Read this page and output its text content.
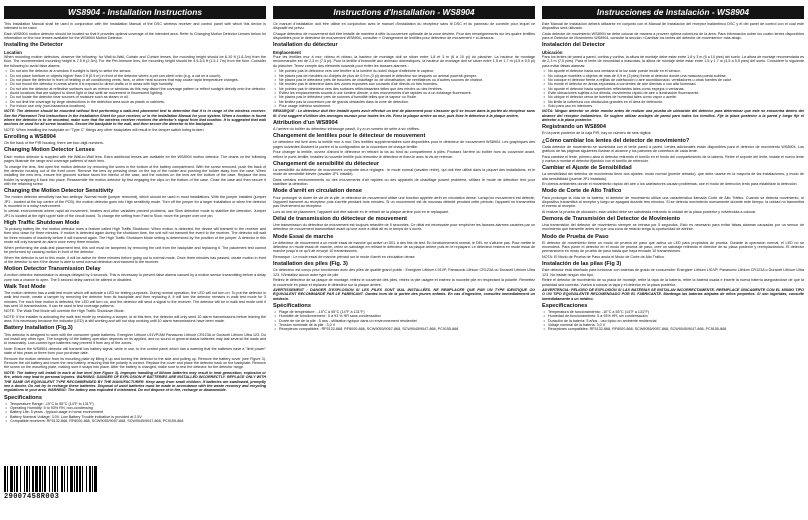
WS8904 - Installation Instructions
This Installation Manual shall be used in conjunction with the Installation Manual of the DSC wireless receiver and control panel with which this device is intended to be used.
Each WS8904 motion detector should be located so that it provides optimal coverage of the intended area. Refer to Changing Motion Detector Lenses below for information on the four lenses available for the WS8904 Motion Detector.
Installing the Detector
Location
When mounting motion detectors, observe the following: for Wall-to-Wall, Curtain and Curtain lenses, the mounting height should be 6-10 ft (1.8-3m) from the floor. The recommended mounting height is 7.5 ft (2.3m). For the Pet-Immune lens, the mounting height should be 4.5-5.5 ft (1.5-1.7m) from the floor. Consider the following to avoid false alarms:
• Do not aim the detector at a window if sunlight is likely to strike the sensor.
• Do not place furniture or objects higher than 3 ft (0.9 m) in front of the detector where a pet can climb onto (e.g. a cat on a couch).
• Do not place the detector in front of heating or air conditioning vents, fans, or other heat sources that may cause rapid temperature changes.
• Do not mount the detector in areas where it is exposed to direct drafts or in areas with high humidity.
• Do not aim the detector at reflective surfaces such as mirrors or windows as this may distort the coverage pattern or reflect sunlight directly onto the detector.
• Avoid locations that are subject to direct light or fast swift air movement or fluorescent lighting.
• Do not locate the detector near sources of moisture such as steam or oil.
• Do not limit the coverage by large obstructions in the detection area such as plants or cabinets.
• For indoor use only (non-hazardous locations).
NOTE: The detector should be mounted without first performing a walk-test placement test to determine that it is in range of the wireless receiver. See the Placement Test instructions in the Installation Sheet for your receiver, or in the Installation Manual for your system. When a location is found where the detector is to be mounted, make sure that the wireless receiver receives the detector's signal from that location. It is suggested that wall anchors be used for all screw locations. Secure the backplate to the wall, and then secure the detector to the backplate.
NOTE: When installing the backplate on "Type C" fixings any other backplates will result in the tamper switch being broken.
Enrolling a WS8904
On the back of the PIR housing, there are four-digit numbers.
Changing Motion Detector Lenses
Each motion detector is supplied with the Wall-to-Wall lens. Extra additional lenses are available for the WS8904 motion detector. The charts on the following pages illustrate the range and coverage patterns of each lens.
To change the lens, first open the motion detector by removing the screw in the bottom of the battery compartment. With the screw removed, push the back of the detector housing out of the front cover. Remove the lens by pressing down on the top of the holder and pushing the holder away from the case. When installing the new lens, ensure the grooved surface faces the interior of the case, and the notches on the lens are the bottom of the case. Replace the lens holder by snapping it back into place. Reassemble the motion detector by first engaging the clips on the bottom of the case. Close the case and then secure it with the retaining screw.
Changing the Motion Detector Sensitivity
The motion detector sensitivity has two settings: Normal mode (jumper removed), which should be used in most installations. With the jumper installed (jumper JP1 - located at the top centre of the PCB), the motion detector goes into High sensitivity mode. Turn off the jumper for a larger installation or when the detector is mounted in a noisy environment.
In certain environments where rapid air movement, heaters and other variables prevent problems, use Slow detection mode to stabilize the detection. Jumper JP1 is located at the right upper side of the circuit board. To change the setting from Fast to Slow, move the jumper over one pin.
High Traffic Shutdown Mode
To prolong battery life, the motion detector uses a feature called High Traffic Shutdown. When motion is detected, the device will transmit to the receiver and then shut down for three minutes. If motion is detected again during the shutdown time, the unit will not transmit the event to the receiver. The detector will wait for three minutes of inactivity before it will transmit again. The High Traffic Shutdown Mode setting is determined by the position of the jumper. A detector in this mode will only transmit an alarm once every three minutes.
When performing the walk-test placement test, this unit must be tampered by removing the unit from the backplate and replacing it. The placement test cannot be performed by causing motion in front of the detector.
When the detector is set to this mode, it will be active for three minutes before going out to normal mode. Once three minutes has passed, create motion in front of the detector to see if the device is able to send normal detection and transmit to the receiver.
Motion Detector Transmission Delay
A motion detector transmission is always delayed by 5 seconds. This is necessary to prevent false alarms caused by a motion sensor transmitting before a delay zone has a chance to open. The 5 second delay cannot be altered or disabled.
Walk Test Mode
The motion detector has a walk test mode which will activate a LED for testing purposes. During normal operation, the LED will not turn on. To put the detector in walk test mode, create a tamper by removing the detector from its backplate and then replacing it. It will turn the detector remains in walk test mode for 3 minutes. For each time motion is detected, the LED will turn on, and the detector will send a signal to the receiver. The detector will be in walk test mode until it has sent 10 transmissions. It can be used to test coverage patterns.
NOTE: The Walk Test Mode will override the High Traffic Shutdown Mode.
NOTE: If the installer is activating the walk test mode by restoring a tamper, or at this time, the detector will only send 10 alarm transmissions before leaving the area. It is necessary because the indicator (LED) is still working and will not stop working until 10 alarm transmissions have been made.
Battery Installation (Fig.3)
This detector is designed to work with the consumer grade batteries. Energizer Lithium L91VP/AM Panasonic Lithium CR123A or Duracell Lithium Ultra 123. Do not install any other type. The longevity of the battery operation depends on its applied, and no sound or general status batteries may last several the loads and to reasonably. Low-current type batteries may prevent it from any of the zones.
Note: Ensure the WS8904 detector will transmit low battery signal, while in use, to the control panel which has a warning that the batteries have a "limit power" state of two years or three from your purchase date.
Remove the motion detector from its mounting plate by lifting it up and turning the detector to the side and pulling up. Remove the battery cover (see Figure 3). Remove the old battery and insert the new battery, ensuring that the polarity is correct. Replace the cover and place the detector back on the backplate. Remove the screw on the mounting plate, making sure it snaps into place. After the battery is changed, make sure to test the detector for the detector range.
NOTE: The battery will install to work at low level (see Figure 3). Improper handling of lithium batteries may result in heat generation, explosion or fire, which may lead to personal injuries. WARNING: DANGER OF EXPLOSION IF BATTERIES ARE INSTALLED INCORRECTLY. REPLACE ONLY WITH THE SAME OR EQUIVALENT TYPE RECOMMENDED BY THE MANUFACTURER. Keep away from small children. If batteries are swallowed, promptly see a doctor. Do not try to recharge these batteries. Disposal of used batteries must be made in accordance with the waste recovery and recycling regulations in your area. WARNING: The battery was exploded if mistreated. Do not dispose of in fire, recharge or disassemble.
Specifications
• Temperature Range: -10°C to 55°C (14°F to 131°F)
• Operating Humidity: 5 to 93% RH, non-condensing
• Battery Life: 5 years - typical usage in home environment
• Battery Nominal Voltage: 3.0V. Low Battery Trouble indication is provided at 2.5V
• Compatible receivers: RF5132-868, RF8000-868, SCW9055/9057-868, SCW9045/9047-868, PC9155-868
Instructions d'Installation - WS8904
Ce manuel d'installation doit être utilisé en conjonction avec le manuel d'installation du récepteur sans fil DSC et du panneau de contrôle pour lequel ce dispositif est prévu.
Chaque détecteur de mouvement doit être installé de manière à offrir la couverture optimale de la zone désirée. Pour des renseignements sur les quatre lentilles disponibles pour le détecteur de mouvement WS8904, consulter « Changement de lentilles pour détecteur de mouvement » ci-dessous.
Installation du détecteur
Emplacement
Pour les lentilles mur à mur, rideau et rideau, la hauteur de montage doit se situer entre 1,8 et 3 m (6 à 10 pi) du plancher. La hauteur de montage recommandée est de 2,3 m (7,5 pi). Pour la lentille d'immunité aux animaux domestiques, la hauteur de montage doit se situer entre 1,5 et 1,7 m (4,5 à 5,5 pi) du plancher. Tenez compte des éléments suivants pour éviter les fausses alarmes :
• Ne pointez pas le détecteur vers une fenêtre si la lumière du soleil risque d'atteindre le capteur.
• Ne placez pas de meubles ou d'objets de plus de 0,9 m (3 pi) devant le détecteur sur lesquels un animal pourrait grimper.
• Ne placez pas le détecteur près de bouches de chauffage ou de climatisation, de ventilateurs ou d'autres sources de chaleur.
• Ne montez pas le détecteur dans des zones exposées aux courants d'air directs ou très humides.
• Ne pointez pas le détecteur vers des surfaces réfléchissantes telles que des miroirs ou des fenêtres.
• Évitez les emplacements soumis à une lumière directe, à des mouvements d'air rapides ou à un éclairage fluorescent.
• Ne placez pas le détecteur près de sources d'humidité telles que la vapeur ou l'huile.
• Ne limitez pas la couverture par de grands obstacles dans la zone de détection.
• Pour usage intérieur seulement.
REMARQUE : Le détecteur doit être installé après avoir effectué un test de placement pour s'assurer qu'il se trouve dans la portée du récepteur sans fil. Il est suggéré d'utiliser des ancrages muraux pour toutes les vis. Fixez la plaque arrière au mur, puis fixez le détecteur à la plaque arrière.
Attribution d'un WS8904
À l'arrière du boîtier du détecteur infrarouge passif, il y a un numéro de série à six chiffres.
Changement de lentilles pour le détecteur de mouvement
Le détecteur est livré avec la lentille mur à mur. Des lentilles supplémentaires sont disponibles pour le détecteur de mouvement WS8904. Les graphiques des pages suivantes illustrent la portée et la configuration de la couverture de chaque lentille.
Pour changer la lentille, ouvrez d'abord le détecteur en retirant la vis au fond du compartiment à piles. Poussez l'arrière du boîtier hors du couvercle avant, retirez le porte-lentille, installez la nouvelle lentille puis remontez le détecteur et fixez-le avec la vis de retenue.
Changement de sensibilité du détecteur
La sensibilité du détecteur de mouvement comporte deux réglages : le mode normal (cavalier retiré), qui doit être utilisé dans la plupart des installations, et le mode de sensibilité élevée (cavalier JP1 installé).
Dans certains environnements où des mouvements d'air rapides ou des appareils de chauffage posent problème, utilisez le mode de détection lent pour stabiliser la détection.
Mode d'arrêt en circulation dense
Pour prolonger la durée de vie de la pile, le détecteur de mouvement utilise une fonction appelée arrêt en circulation dense. Lorsqu'un mouvement est détecté, l'appareil transmet au récepteur puis s'arrête pendant trois minutes. Si un mouvement est de nouveau détecté pendant cette période, l'appareil ne transmettra pas l'événement au récepteur.
Lors du test de placement, l'appareil doit être saboté en le retirant de la plaque arrière puis en le replaquant.
Délai de transmission du détecteur de mouvement
Une transmission du détecteur de mouvement est toujours retardée de 5 secondes. Ce délai est nécessaire pour empêcher les fausses alarmes causées par un détecteur de mouvement transmettant avant qu'une zone à délai ait eu le temps de s'ouvrir.
Mode Essai de marche
Le détecteur de mouvement a un mode essai de marche qui active un DEL à des fins de test. En fonctionnement normal, le DEL ne s'allume pas. Pour mettre le détecteur en mode essai de marche, créez un sabotage en retirant le détecteur de sa plaque arrière puis en le replaçant. Le détecteur restera en mode essai de marche jusqu'à ce qu'il ait envoyé 10 transmissions.
Remarque : Le mode essai de marche prévaut sur le mode d'arrêt en circulation dense.
Installation des piles (Fig. 3)
Ce détecteur est conçu pour fonctionner avec des piles de qualité grand public : Energizer Lithium L91VP, Panasonic Lithium CR123A ou Duracell Lithium Ultra 123. N'installez aucun autre type de pile.
Retirez le détecteur de sa plaque de montage, retirez le couvercle des piles, retirez la pile usagée et insérez la nouvelle pile en respectant la polarité. Remettez le couvercle en place et replacez le détecteur sur la plaque arrière.
AVERTISSEMENT : DANGER D'EXPLOSION SI LES PILES SONT MAL INSTALLÉES. NE REMPLACER QUE PAR UN TYPE IDENTIQUE OU ÉQUIVALENT RECOMMANDÉ PAR LE FABRICANT. Gardez hors de la portée des jeunes enfants. En cas d'ingestion, consultez immédiatement un médecin.
Spécifications
• Plage de température : -10°C à 55°C (14°F à 131°F)
• Humidité de fonctionnement : 5 à 93 % HR sans condensation
• Durée de vie de la pile : 5 ans - utilisation typique dans un environnement résidentiel
• Tension nominale de la pile : 3,0 V
• Récepteurs compatibles : RF5132-868, RF8000-868, SCW9055/9057-868, SCW9045/9047-868, PC9155-868
Instrucciones de Instalación - WS8904
Este Manual de Instalación deberá utilizarse en conjunto con el Manual de Instalación del receptor inalámbrico DSC y el del panel de control con el cual este dispositivo será utilizado.
Cada detector de movimiento WS8904 se debe colocar de manera a proveer óptima cobertura de la área. Para información sobre los cuatro lentes disponibles para el Detector de Movimiento WS8904, consulte la sección «Cambiar los lentes del detector de movimiento» más abajo.
Instalación del Detector
Ubicación
Para los lentes de pared a pared, cortina y cortina, la altura de montaje debe estar entre 1,8 y 3 m (6 a 10 pies) del suelo. La altura de montaje recomendada es de 2,3 m (7,5 pies). Para el lente de inmunidad a mascotas, la altura de montaje debe estar entre 1,5 y 1,7 m (4,5 a 5,5 pies) del suelo. Considere lo siguiente para evitar falsas alarmas:
• No apunte el detector hacia una ventana si la luz solar puede incidir en el sensor.
• No coloque muebles u objetos de más de 0,9 m (3 pies) frente al detector donde una mascota pueda subirse.
• No coloque el detector frente a rejillas de calefacción o aire acondicionado, ventiladores u otras fuentes de calor.
• No monte el detector en áreas expuestas a corrientes de aire directas o con alta humedad.
• No apunte el detector hacia superficies reflectantes tales como espejos o ventanas.
• Evite ubicaciones sujetas a luz directa, movimiento rápido de aire o iluminación fluorescente.
• No ubique el detector cerca de fuentes de humedad tales como vapor o aceite.
• No limite la cobertura con obstáculos grandes en el área de detección.
• Solo para uso en interiores.
NOTA: Ningun detector se debe montar antes de realizar una prueba de ubicación del detector para determinar que este se encuentra dentro del alcance del receptor inalámbrico. Se sugiere utilizar anclajes de pared para todos los tornillos. Fije la placa posterior a la pared y luego fije el detector a la placa posterior.
Registrando un WS8904
En la parte posterior de la caja PIR, hay un número de seis dígitos.
¿Cómo cambiar los lentes del detector de movimiento?
Cada detector de movimiento se suministra con el lente pared a pared. Lentes adicionales están disponibles para el detector de movimiento WS8904. Los gráficos de las páginas siguientes ilustran el alcance y los patrones de cobertura de cada lente.
Para cambiar el lente, primero abra el detector retirando el tornillo en el fondo del compartimiento de la batería. Retire el soporte del lente, instale el nuevo lente y vuelva a montar el detector fijándolo con el tornillo de retención.
Cambiar el Ajuste de Sensibilidad
La sensibilidad del detector de movimiento tiene dos ajustes: modo normal (puente retirado), que debe usarse en la mayoría de las instalaciones, y modo de alta sensibilidad (puente JP1 instalado).
En ciertos ambientes donde el movimiento rápido del aire o los calefactores causan problemas, use el modo de detección lento para estabilizar la detección.
Modo de Corte de Alto Tráfico
Para prolongar la vida de la batería, el detector de movimiento utiliza una característica llamada Corte de Alto Tráfico. Cuando se detecta movimiento, el dispositivo transmitirá al receptor y luego se apagará durante tres minutos. Si se detecta movimiento nuevamente durante este tiempo, la unidad no transmitirá el evento al receptor.
Al realizar la prueba de ubicación, esta unidad debe ser saboteada retirando la unidad de la placa posterior y volviéndola a colocar.
Demora de Transmisión del Detector de Movimiento
Una transmisión del detector de movimiento siempre se retrasa por 5 segundos. Esto es necesario para evitar falsas alarmas causadas por un sensor de movimiento que transmite antes de que una zona de retardo tenga la oportunidad de abrirse.
Modo de Prueba de Paso
El detector de movimiento tiene un modo de prueba de paso que activa un LED para propósitos de prueba. Durante la operación normal, el LED no se encenderá. Para poner el detector en el modo de prueba de paso, cree un sabotaje retirando el detector de su placa posterior y reemplazándolo. El detector permanecerá en modo de prueba de paso hasta que haya enviado 10 transmisiones.
NOTA: El Modo de Prueba de Paso anula el Modo de Corte de Alto Tráfico.
Instalación de las pilas (Fig 3)
Este detector está diseñado para funcionar con baterías de grado de consumidor: Energizer Lithium L91VP, Panasonic Lithium CR123A o Duracell Lithium Ultra 123. No instale ningún otro tipo.
Retire el detector de movimiento de su placa de montaje, retire la tapa de la batería, retire la batería usada e inserte la nueva batería asegurándose de que la polaridad sea correcta. Vuelva a colocar la tapa y el detector en la placa posterior.
ADVERTENCIA: PELIGRO DE EXPLOSIÓN SI LAS BATERÍAS SE INSTALAN INCORRECTAMENTE. REEMPLACE ÚNICAMENTE CON EL MISMO TIPO O UN TIPO EQUIVALENTE RECOMENDADO POR EL FABRICANTE. Mantenga las baterías alejadas de niños pequeños. Si son ingeridas, consulte inmediatamente a un médico.
Especificaciones
• Temperatura de funcionamiento: -10°C a 55°C (14°F a 131°F)
• Humedad de funcionamiento: 5 a 93% HR, sin condensación
• Duración de la batería: 5 años - uso típico en ambiente residencial
• Voltaje nominal de la batería: 3,0 V
• Receptores compatibles: RF5132-868, RF8000-868, SCW9055/9057-868, SCW9045/9047-868, PC9155-868
29007458R003
